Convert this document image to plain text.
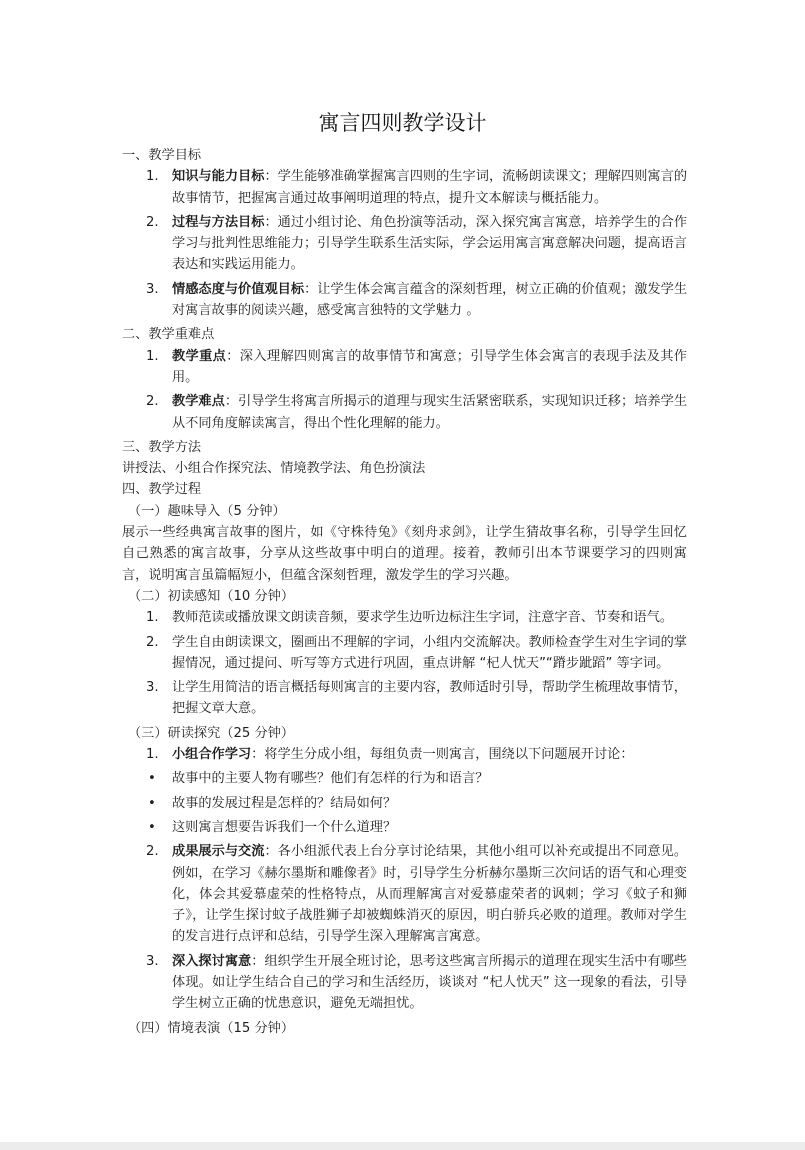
寓言四则教学设计
一、教学目标
1. 知识与能力目标：学生能够准确掌握寓言四则的生字词，流畅朗读课文；理解四则寓言的故事情节，把握寓言通过故事阐明道理的特点，提升文本解读与概括能力。
2. 过程与方法目标：通过小组讨论、角色扮演等活动，深入探究寓言寓意，培养学生的合作学习与批判性思维能力；引导学生联系生活实际，学会运用寓言寓意解决问题，提高语言表达和实践运用能力。
3. 情感态度与价值观目标：让学生体会寓言蕴含的深刻哲理，树立正确的价值观；激发学生对寓言故事的阅读兴趣，感受寓言独特的文学魅力 。
二、教学重难点
1. 教学重点：深入理解四则寓言的故事情节和寓意；引导学生体会寓言的表现手法及其作用。
2. 教学难点：引导学生将寓言所揭示的道理与现实生活紧密联系，实现知识迁移；培养学生从不同角度解读寓言，得出个性化理解的能力。
三、教学方法
讲授法、小组合作探究法、情境教学法、角色扮演法
四、教学过程
（一）趣味导入（5 分钟）
展示一些经典寓言故事的图片，如《守株待兔》《刻舟求剑》，让学生猜故事名称，引导学生回忆自己熟悉的寓言故事，分享从这些故事中明白的道理。接着，教师引出本节课要学习的四则寓言，说明寓言虽篇幅短小，但蕴含深刻哲理，激发学生的学习兴趣。
（二）初读感知（10 分钟）
1. 教师范读或播放课文朗读音频，要求学生边听边标注生字词，注意字音、节奏和语气。
2. 学生自由朗读课文，圈画出不理解的字词，小组内交流解决。教师检查学生对生字词的掌握情况，通过提问、听写等方式进行巩固，重点讲解 “杞人忧天”“蹐步跐蹈” 等字词。
3. 让学生用简洁的语言概括每则寓言的主要内容，教师适时引导，帮助学生梳理故事情节，把握文章大意。
（三）研读探究（25 分钟）
1. 小组合作学习：将学生分成小组，每组负责一则寓言，围绕以下问题展开讨论：
• 故事中的主要人物有哪些？他们有怎样的行为和语言？
• 故事的发展过程是怎样的？结局如何？
• 这则寓言想要告诉我们一个什么道理？
2. 成果展示与交流：各小组派代表上台分享讨论结果，其他小组可以补充或提出不同意见。例如，在学习《赫尔墨斯和雕像者》时，引导学生分析赫尔墨斯三次问话的语气和心理变化，体会其爱慕虚荣的性格特点，从而理解寓言对爱慕虚荣者的讽刺；学习《蚊子和狮子》，让学生探讨蚊子战胜狮子却被蜘蛛消灭的原因，明白骄兵必败的道理。教师对学生的发言进行点评和总结，引导学生深入理解寓言寓意。
3. 深入探讨寓意：组织学生开展全班讨论，思考这些寓言所揭示的道理在现实生活中有哪些体现。如让学生结合自己的学习和生活经历，谈谈对 “杞人忧天” 这一现象的看法，引导学生树立正确的忧患意识，避免无端担忧。
（四）情境表演（15 分钟）
